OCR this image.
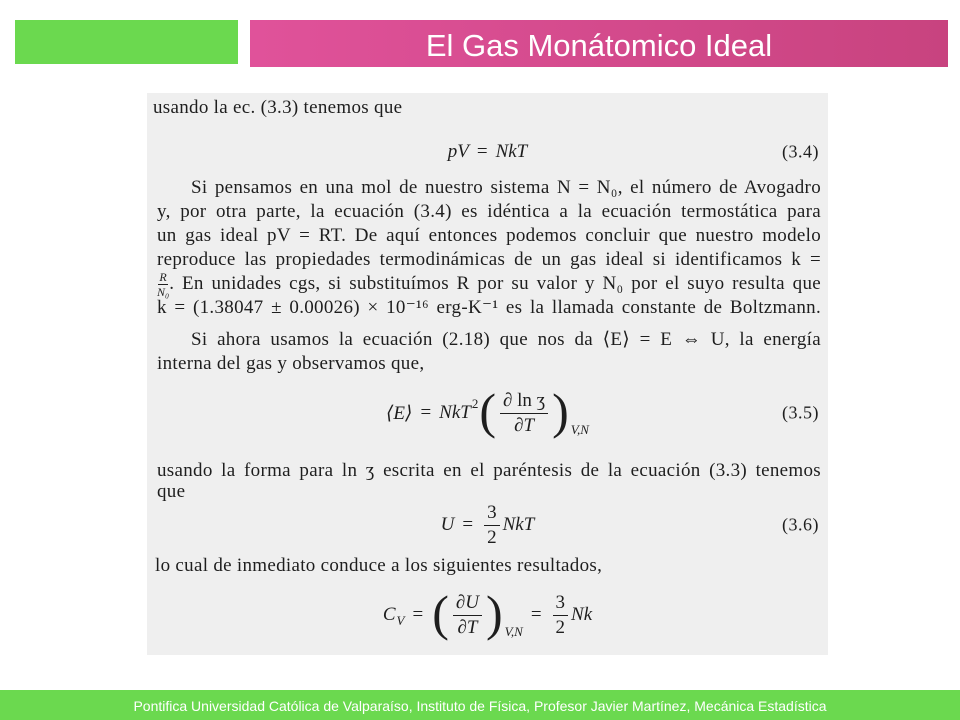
El Gas Monátomico Ideal
usando la ec. (3.3) tenemos que
pV = NkT	(3.4)
Si pensamos en una mol de nuestro sistema N = N₀, el número de Avogadro
y, por otra parte, la ecuación (3.4) es idéntica a la ecuación termostática para
un gas ideal pV = RT. De aquí entonces podemos concluir que nuestro modelo
reproduce las propiedades termodinámicas de un gas ideal si identificamos k =
$\frac{R}{\text{N₀}}$ . En unidades cgs, si substituímos R por su valor y N₀ por el suyo resulta que
k = (1.38047 ± 0.00026) × 10⁻¹⁶ erg-K⁻¹ es la llamada constante de Boltzmann.
Si ahora usamos la ecuación (2.18) que nos da ⟨E⟩ = E ⇔ U, la energía
interna del gas y observamos que,
⟨E⟩ = NkT 2 ( $\frac{\text{∂ ln ʒ}}{\partial T}$ ) V,N
(3.5)
usando la forma para ln ʒ escrita en el paréntesis de la ecuación (3.3) tenemos
que
$U = \frac{3}{2}$ NkT	(3.6)
lo cual de inmediato conduce a los siguientes resultados,
C V = ( $\frac{\partial U}{\partial T}$ ) V,N
= $\frac{3}{2}$ Nk
Pontifica Universidad Católica de Valparaíso, Instituto de Física, Profesor Javier Martínez, Mecánica Estadística
